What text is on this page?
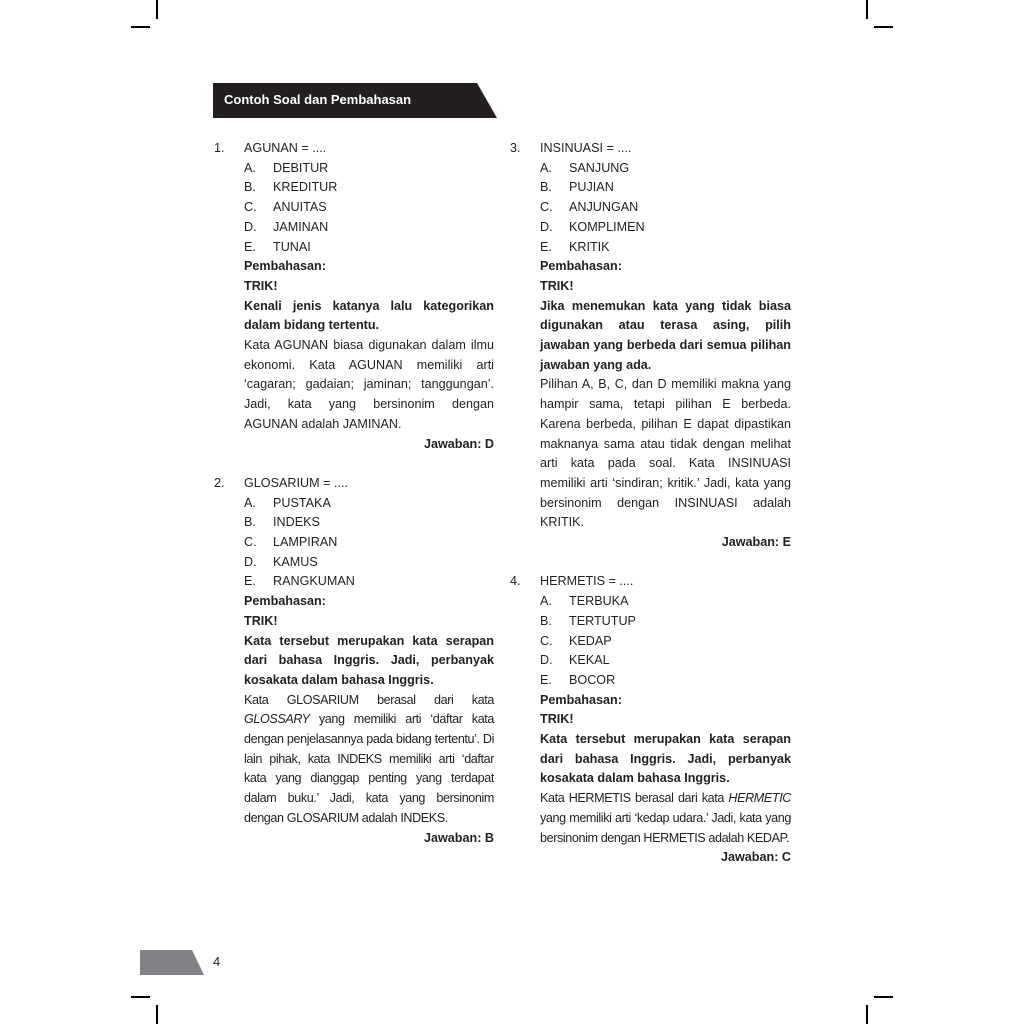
Contoh Soal dan Pembahasan
1. AGUNAN = ....
A. DEBITUR
B. KREDITUR
C. ANUITAS
D. JAMINAN
E. TUNAI
Pembahasan:
TRIK!
Kenali jenis katanya lalu kategorikan dalam bidang tertentu.
Kata AGUNAN biasa digunakan dalam ilmu ekonomi. Kata AGUNAN memiliki arti ‘cagaran; gadaian; jaminan; tanggungan’. Jadi, kata yang bersinonim dengan AGUNAN adalah JAMINAN.
Jawaban: D
2. GLOSARIUM = ....
A. PUSTAKA
B. INDEKS
C. LAMPIRAN
D. KAMUS
E. RANGKUMAN
Pembahasan:
TRIK!
Kata tersebut merupakan kata serapan dari bahasa Inggris. Jadi, perbanyak kosakata dalam bahasa Inggris.
Kata GLOSARIUM berasal dari kata GLOSSARY yang memiliki arti ‘daftar kata dengan penjelasannya pada bidang tertentu’. Di lain pihak, kata INDEKS memiliki arti ‘daftar kata yang dianggap penting yang terdapat dalam buku.’ Jadi, kata yang bersinonim dengan GLOSARIUM adalah INDEKS.
Jawaban: B
3. INSINUASI = ....
A. SANJUNG
B. PUJIAN
C. ANJUNGAN
D. KOMPLIMEN
E. KRITIK
Pembahasan:
TRIK!
Jika menemukan kata yang tidak biasa digunakan atau terasa asing, pilih jawaban yang berbeda dari semua pilihan jawaban yang ada.
Pilihan A, B, C, dan D memiliki makna yang hampir sama, tetapi pilihan E berbeda. Karena berbeda, pilihan E dapat dipastikan maknanya sama atau tidak dengan melihat arti kata pada soal. Kata INSINUASI memiliki arti ‘sindiran; kritik.’ Jadi, kata yang bersinonim dengan INSINUASI adalah KRITIK.
Jawaban: E
4. HERMETIS = ....
A. TERBUKA
B. TERTUTUP
C. KEDAP
D. KEKAL
E. BOCOR
Pembahasan:
TRIK!
Kata tersebut merupakan kata serapan dari bahasa Inggris. Jadi, perbanyak kosakata dalam bahasa Inggris.
Kata HERMETIS berasal dari kata HERMETIC yang memiliki arti ‘kedap udara.’ Jadi, kata yang bersinonim dengan HERMETIS adalah KEDAP.
Jawaban: C
4
